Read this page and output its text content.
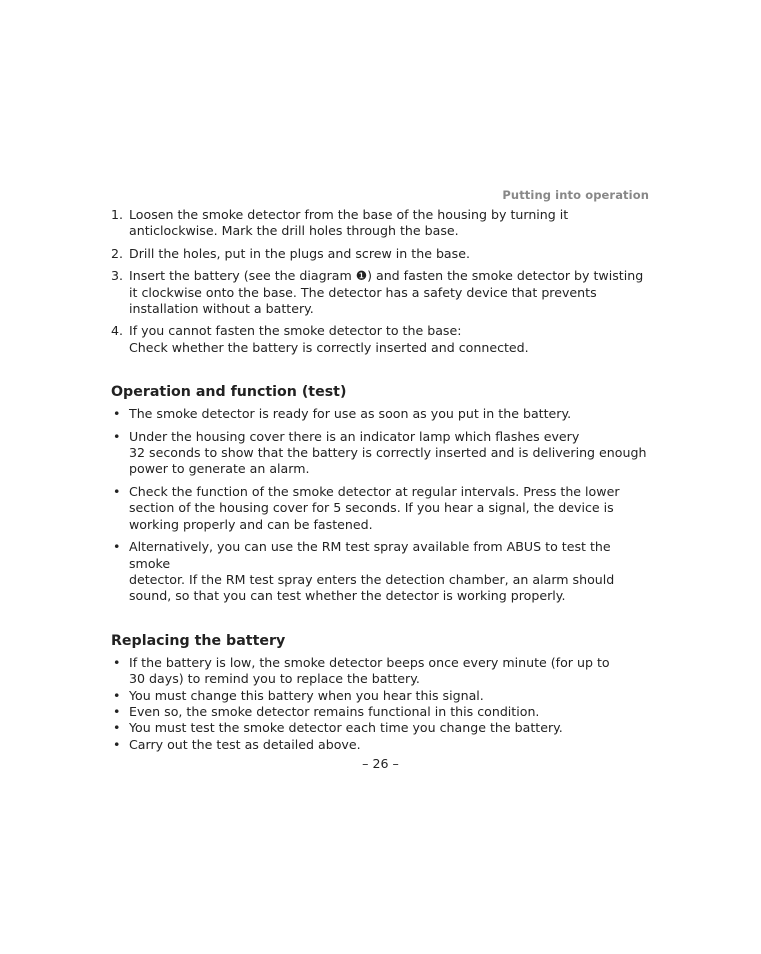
Putting into operation
1. Loosen the smoke detector from the base of the housing by turning it
anticlockwise. Mark the drill holes through the base.
2. Drill the holes, put in the plugs and screw in the base.
3. Insert the battery (see the diagram ❶) and fasten the smoke detector by twisting
it clockwise onto the base. The detector has a safety device that prevents
installation without a battery.
4. If you cannot fasten the smoke detector to the base:
Check whether the battery is correctly inserted and connected.
Operation and function (test)
• The smoke detector is ready for use as soon as you put in the battery.
• Under the housing cover there is an indicator lamp which flashes every
32 seconds to show that the battery is correctly inserted and is delivering enough
power to generate an alarm.
• Check the function of the smoke detector at regular intervals. Press the lower
section of the housing cover for 5 seconds. If you hear a signal, the device is
working properly and can be fastened.
• Alternatively, you can use the RM test spray available from ABUS to test the smoke
detector. If the RM test spray enters the detection chamber, an alarm should
sound, so that you can test whether the detector is working properly.
Replacing the battery
• If the battery is low, the smoke detector beeps once every minute (for up to
30 days) to remind you to replace the battery.
• You must change this battery when you hear this signal.
• Even so, the smoke detector remains functional in this condition.
• You must test the smoke detector each time you change the battery.
• Carry out the test as detailed above.
– 26 –
